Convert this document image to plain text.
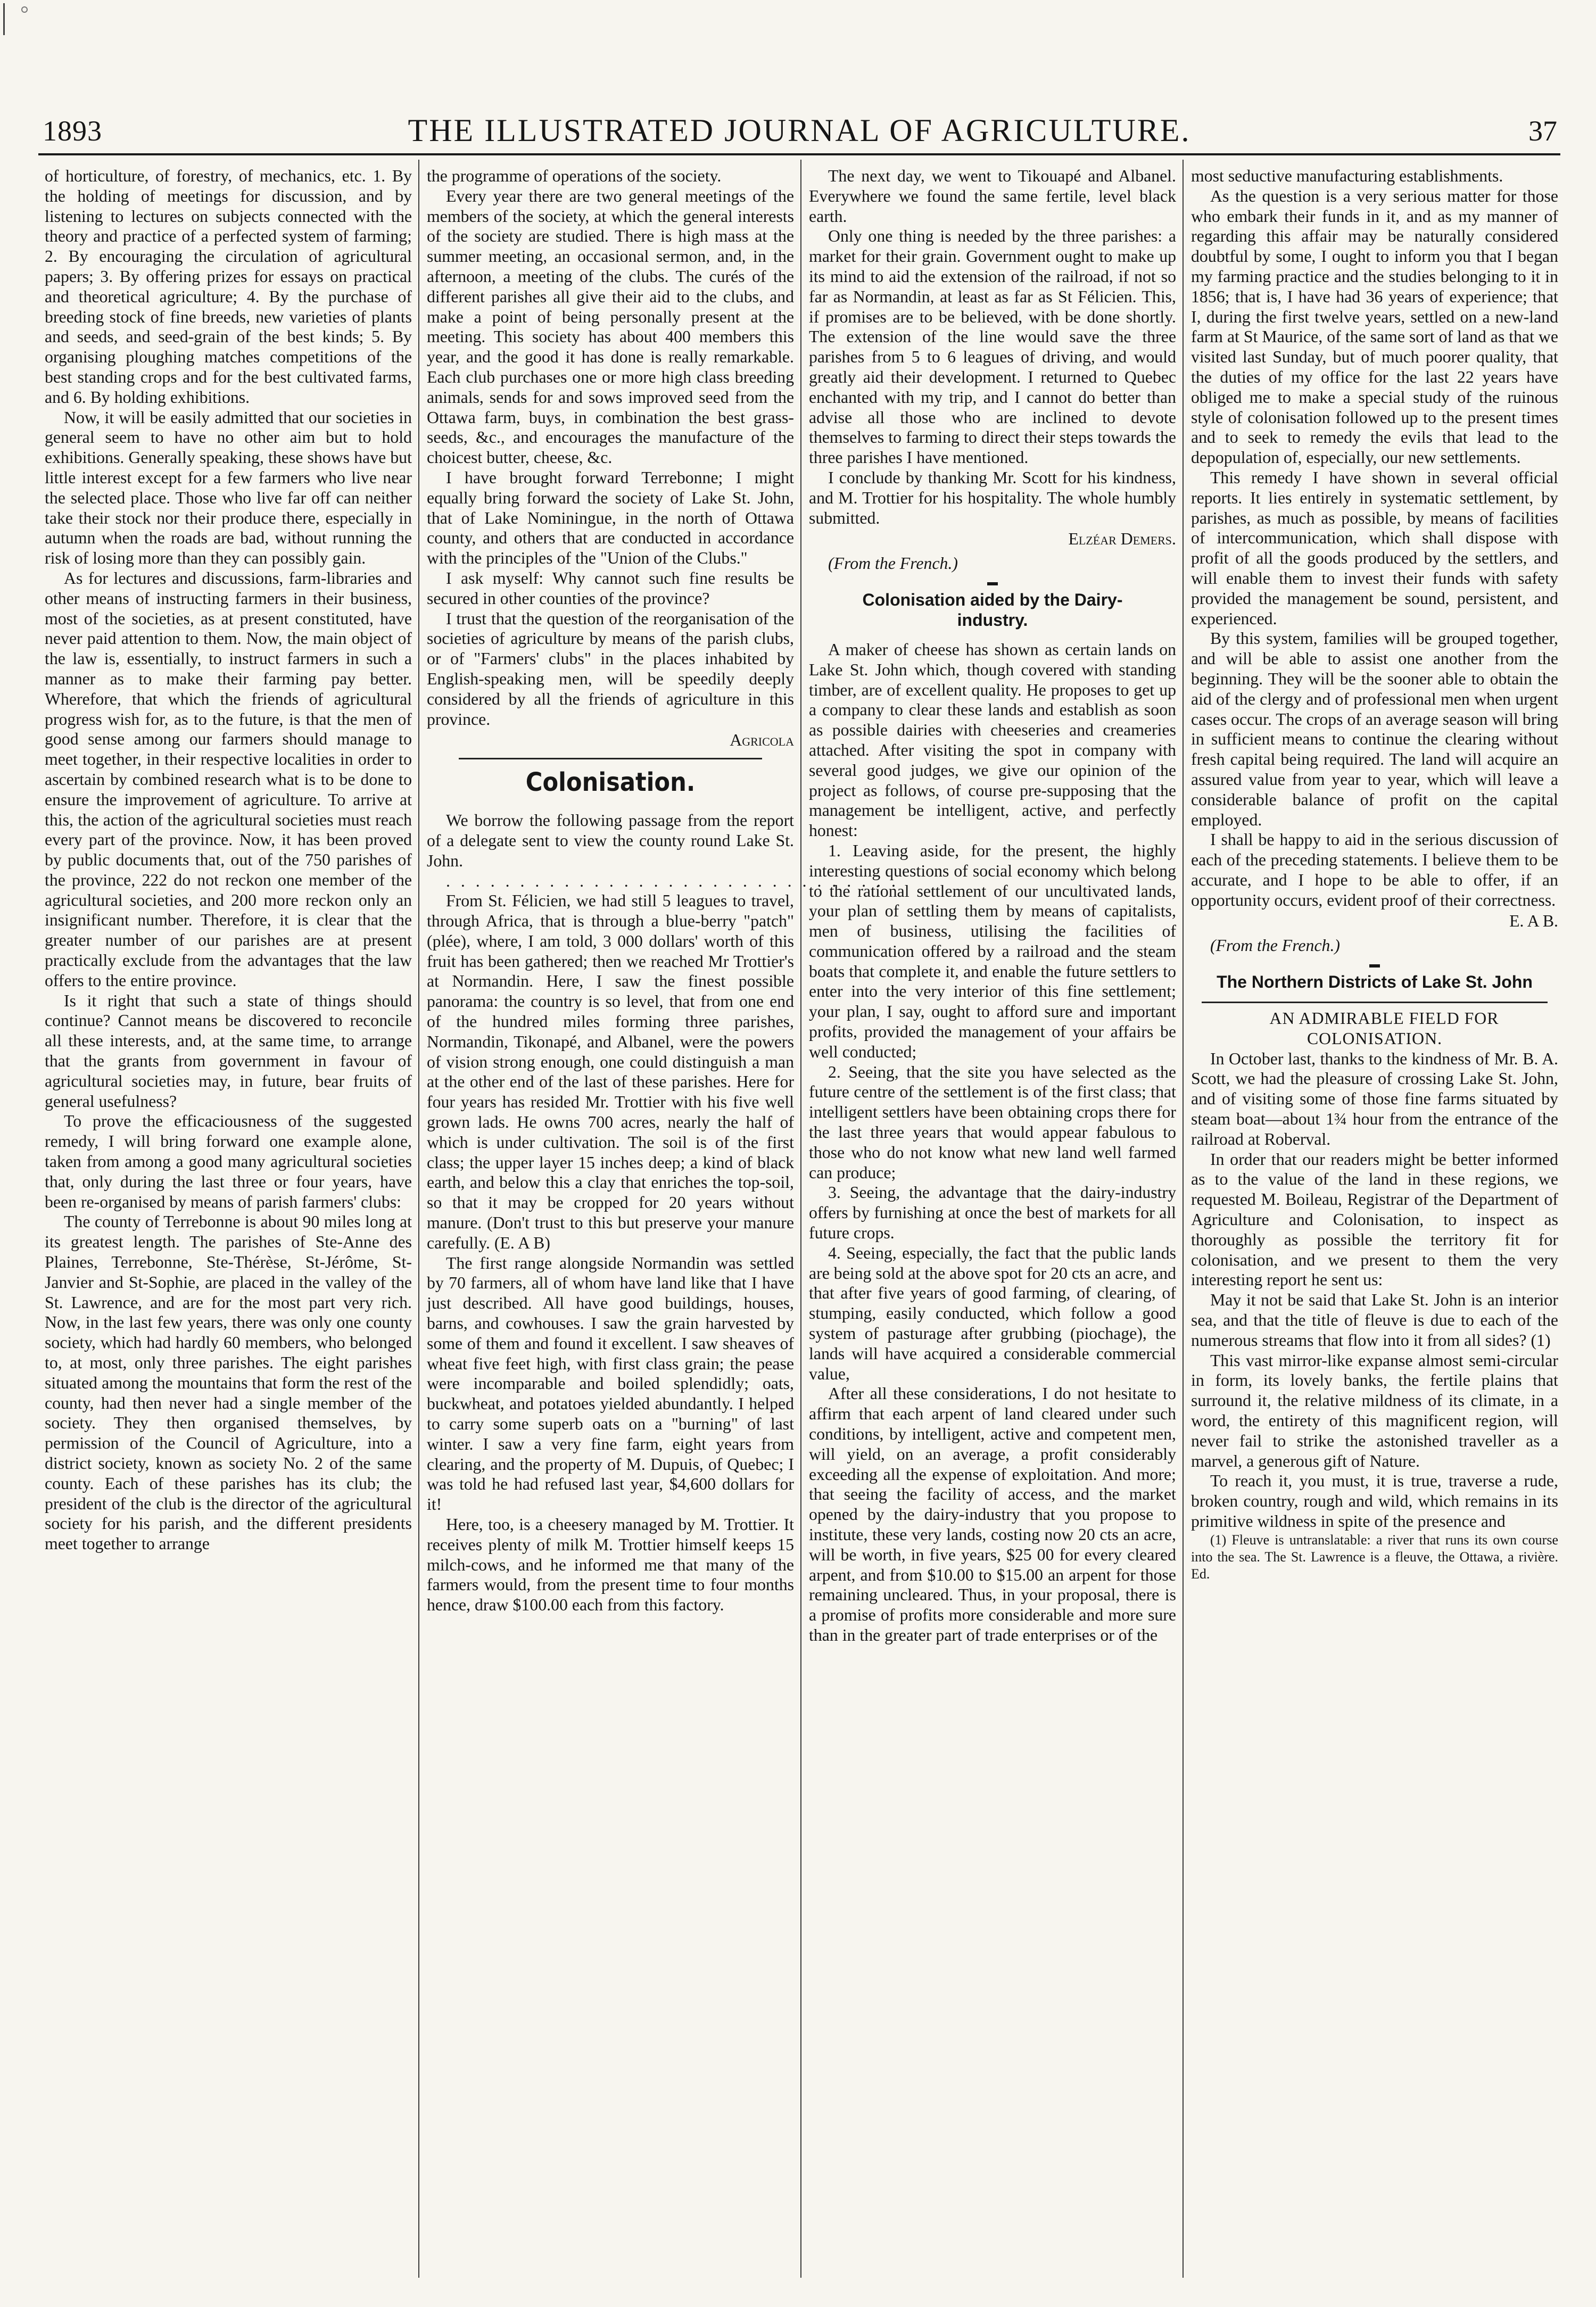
1893	THE ILLUSTRATED JOURNAL OF AGRICULTURE.	37

of horticulture, of forestry, of mechanics, etc. 1. By the holding of meetings for discussion, and by listening to lectures on subjects connected with the theory and practice of a perfected system of farming; 2. By encouraging the circulation of agricultural papers; 3. By offering prizes for essays on practical and theoretical agriculture; 4. By the purchase of breeding stock of fine breeds, new varieties of plants and seeds, and seed-grain of the best kinds; 5. By organising ploughing matches competitions of the best standing crops and for the best cultivated farms, and 6. By holding exhibitions.

Now, it will be easily admitted that our societies in general seem to have no other aim but to hold exhibitions. Generally speaking, these shows have but little interest except for a few farmers who live near the selected place. Those who live far off can neither take their stock nor their produce there, especially in autumn when the roads are bad, without running the risk of losing more than they can possibly gain.

As for lectures and discussions, farm-libraries and other means of instructing farmers in their business, most of the societies, as at present constituted, have never paid attention to them. Now, the main object of the law is, essentially, to instruct farmers in such a manner as to make their farming pay better. Wherefore, that which the friends of agricultural progress wish for, as to the future, is that the men of good sense among our farmers should manage to meet together, in their respective localities in order to ascertain by combined research what is to be done to ensure the improvement of agriculture. To arrive at this, the action of the agricultural societies must reach every part of the province. Now, it has been proved by public documents that, out of the 750 parishes of the province, 222 do not reckon one member of the agricultural societies, and 200 more reckon only an insignificant number. Therefore, it is clear that the greater number of our parishes are at present practically exclude from the advantages that the law offers to the entire province.

Is it right that such a state of things should continue? Cannot means be discovered to reconcile all these interests, and, at the same time, to arrange that the grants from government in favour of agricultural societies may, in future, bear fruits of general usefulness?

To prove the efficaciousness of the suggested remedy, I will bring forward one example alone, taken from among a good many agricultural societies that, only during the last three or four years, have been re-organised by means of parish farmers' clubs:

The county of Terrebonne is about 90 miles long at its greatest length. The parishes of Ste-Anne des Plaines, Terrebonne, Ste-Thérèse, St-Jérôme, St-Janvier and St-Sophie, are placed in the valley of the St. Lawrence, and are for the most part very rich. Now, in the last few years, there was only one county society, which had hardly 60 members, who belonged to, at most, only three parishes. The eight parishes situated among the mountains that form the rest of the county, had then never had a single member of the society. They then organised themselves, by permission of the Council of Agriculture, into a district society, known as society No. 2 of the same county. Each of these parishes has its club; the president of the club is the director of the agricultural society for his parish, and the different presidents meet together to arrange

the programme of operations of the society.

Every year there are two general meetings of the members of the society, at which the general interests of the society are studied. There is high mass at the summer meeting, an occasional sermon, and, in the afternoon, a meeting of the clubs. The curés of the different parishes all give their aid to the clubs, and make a point of being personally present at the meeting. This society has about 400 members this year, and the good it has done is really remarkable. Each club purchases one or more high class breeding animals, sends for and sows improved seed from the Ottawa farm, buys, in combination the best grass-seeds, &c., and encourages the manufacture of the choicest butter, cheese, &c.

I have brought forward Terrebonne; I might equally bring forward the society of Lake St. John, that of Lake Nominingue, in the north of Ottawa county, and others that are conducted in accordance with the principles of the "Union of the Clubs."

I ask myself: Why cannot such fine results be secured in other counties of the province?

I trust that the question of the reorganisation of the societies of agriculture by means of the parish clubs, or of "Farmers' clubs" in the places inhabited by English-speaking men, will be speedily deeply considered by all the friends of agriculture in this province.

Agricola
Colonisation.

We borrow the following passage from the report of a delegate sent to view the county round Lake St. John.

. . . . . . . . . . . . . . . . . . . . . . . . . . . . . . .

From St. Félicien, we had still 5 leagues to travel, through Africa, that is through a blue-berry "patch" (plée), where, I am told, 3 000 dollars' worth of this fruit has been gathered; then we reached Mr Trottier's at Normandin. Here, I saw the finest possible panorama: the country is so level, that from one end of the hundred miles forming three parishes, Normandin, Tikonapé, and Albanel, were the powers of vision strong enough, one could distinguish a man at the other end of the last of these parishes. Here for four years has resided Mr. Trottier with his five well grown lads. He owns 700 acres, nearly the half of which is under cultivation. The soil is of the first class; the upper layer 15 inches deep; a kind of black earth, and below this a clay that enriches the top-soil, so that it may be cropped for 20 years without manure. (Don't trust to this but preserve your manure carefully. (E. A B)

The first range alongside Normandin was settled by 70 farmers, all of whom have land like that I have just described. All have good buildings, houses, barns, and cowhouses. I saw the grain harvested by some of them and found it excellent. I saw sheaves of wheat five feet high, with first class grain; the pease were incomparable and boiled splendidly; oats, buckwheat, and potatoes yielded abundantly. I helped to carry some superb oats on a "burning" of last winter. I saw a very fine farm, eight years from clearing, and the property of M. Dupuis, of Quebec; I was told he had refused last year, $4,600 dollars for it!

Here, too, is a cheesery managed by M. Trottier. It receives plenty of milk M. Trottier himself keeps 15 milch-cows, and he informed me that many of the farmers would, from the present time to four months hence, draw $100.00 each from this factory.

The next day, we went to Tikouapé and Albanel. Everywhere we found the same fertile, level black earth.

Only one thing is needed by the three parishes: a market for their grain. Government ought to make up its mind to aid the extension of the railroad, if not so far as Normandin, at least as far as St Félicien. This, if promises are to be believed, with be done shortly. The extension of the line would save the three parishes from 5 to 6 leagues of driving, and would greatly aid their development. I returned to Quebec enchanted with my trip, and I cannot do better than advise all those who are inclined to devote themselves to farming to direct their steps towards the three parishes I have mentioned.

I conclude by thanking Mr. Scott for his kindness, and M. Trottier for his hospitality. The whole humbly submitted.

Elzéar Demers.

(From the French.)

▬
Colonisation aided by the Dairy-industry.

A maker of cheese has shown as certain lands on Lake St. John which, though covered with standing timber, are of excellent quality. He proposes to get up a company to clear these lands and establish as soon as possible dairies with cheeseries and creameries attached. After visiting the spot in company with several good judges, we give our opinion of the project as follows, of course pre-supposing that the management be intelligent, active, and perfectly honest:

1. Leaving aside, for the present, the highly interesting questions of social economy which belong to the rational settlement of our uncultivated lands, your plan of settling them by means of capitalists, men of business, utilising the facilities of communication offered by a railroad and the steam boats that complete it, and enable the future settlers to enter into the very interior of this fine settlement; your plan, I say, ought to afford sure and important profits, provided the management of your affairs be well conducted;

2. Seeing, that the site you have selected as the future centre of the settlement is of the first class; that intelligent settlers have been obtaining crops there for the last three years that would appear fabulous to those who do not know what new land well farmed can produce;

3. Seeing, the advantage that the dairy-industry offers by furnishing at once the best of markets for all future crops.

4. Seeing, especially, the fact that the public lands are being sold at the above spot for 20 cts an acre, and that after five years of good farming, of clearing, of stumping, easily conducted, which follow a good system of pasturage after grubbing (piochage), the lands will have acquired a considerable commercial value,

After all these considerations, I do not hesitate to affirm that each arpent of land cleared under such conditions, by intelligent, active and competent men, will yield, on an average, a profit considerably exceeding all the expense of exploitation. And more; that seeing the facility of access, and the market opened by the dairy-industry that you propose to institute, these very lands, costing now 20 cts an acre, will be worth, in five years, $25 00 for every cleared arpent, and from $10.00 to $15.00 an arpent for those remaining uncleared. Thus, in your proposal, there is a promise of profits more considerable and more sure than in the greater part of trade enterprises or of the

most seductive manufacturing establishments.

As the question is a very serious matter for those who embark their funds in it, and as my manner of regarding this affair may be naturally considered doubtful by some, I ought to inform you that I began my farming practice and the studies belonging to it in 1856; that is, I have had 36 years of experience; that I, during the first twelve years, settled on a new-land farm at St Maurice, of the same sort of land as that we visited last Sunday, but of much poorer quality, that the duties of my office for the last 22 years have obliged me to make a special study of the ruinous style of colonisation followed up to the present times and to seek to remedy the evils that lead to the depopulation of, especially, our new settlements.

This remedy I have shown in several official reports. It lies entirely in systematic settlement, by parishes, as much as possible, by means of facilities of intercommunication, which shall dispose with profit of all the goods produced by the settlers, and will enable them to invest their funds with safety provided the management be sound, persistent, and experienced.

By this system, families will be grouped together, and will be able to assist one another from the beginning. They will be the sooner able to obtain the aid of the clergy and of professional men when urgent cases occur. The crops of an average season will bring in sufficient means to continue the clearing without fresh capital being required. The land will acquire an assured value from year to year, which will leave a considerable balance of profit on the capital employed.

I shall be happy to aid in the serious discussion of each of the preceding statements. I believe them to be accurate, and I hope to be able to offer, if an opportunity occurs, evident proof of their correctness.

E. A B.

(From the French.)

▬
The Northern Districts of Lake St. John

AN ADMIRABLE FIELD FOR COLONISATION.

In October last, thanks to the kindness of Mr. B. A. Scott, we had the pleasure of crossing Lake St. John, and of visiting some of those fine farms situated by steam boat—about 1¾ hour from the entrance of the railroad at Roberval.

In order that our readers might be better informed as to the value of the land in these regions, we requested M. Boileau, Registrar of the Department of Agriculture and Colonisation, to inspect as thoroughly as possible the territory fit for colonisation, and we present to them the very interesting report he sent us:

May it not be said that Lake St. John is an interior sea, and that the title of fleuve is due to each of the numerous streams that flow into it from all sides? (1)

This vast mirror-like expanse almost semi-circular in form, its lovely banks, the fertile plains that surround it, the relative mildness of its climate, in a word, the entirety of this magnificent region, will never fail to strike the astonished traveller as a marvel, a generous gift of Nature.

To reach it, you must, it is true, traverse a rude, broken country, rough and wild, which remains in its primitive wildness in spite of the presence and

(1) Fleuve is untranslatable: a river that runs its own course into the sea. The St. Lawrence is a fleuve, the Ottawa, a rivière. Ed.
